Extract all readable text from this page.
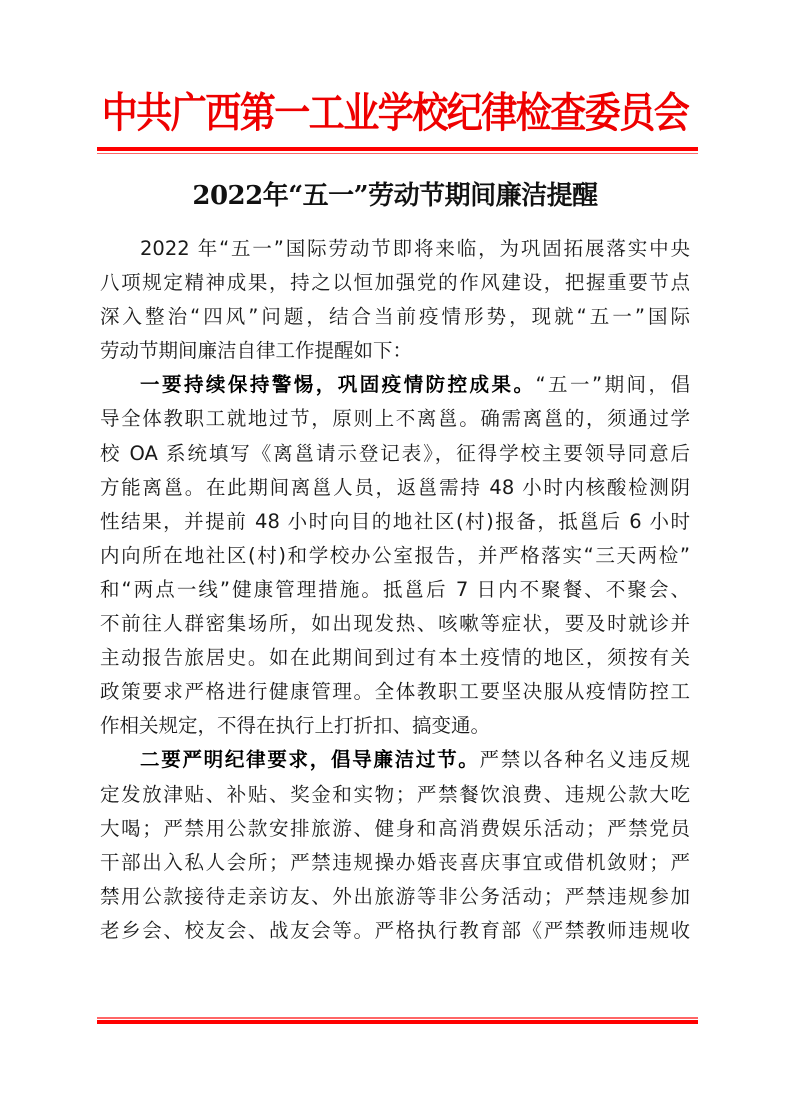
中共广西第一工业学校纪律检查委员会
2022年“五一”劳动节期间廉洁提醒
2022 年“五一”国际劳动节即将来临，为巩固拓展落实中央
八项规定精神成果，持之以恒加强党的作风建设，把握重要节点
深入整治“四风”问题，结合当前疫情形势，现就“五一”国际
劳动节期间廉洁自律工作提醒如下：
一要持续保持警惕，巩固疫情防控成果。“五一”期间，倡
导全体教职工就地过节，原则上不离邕。确需离邕的，须通过学
校 OA 系统填写《离邕请示登记表》，征得学校主要领导同意后
方能离邕。在此期间离邕人员，返邕需持 48 小时内核酸检测阴
性结果，并提前 48 小时向目的地社区(村)报备，抵邕后 6 小时
内向所在地社区(村)和学校办公室报告，并严格落实“三天两检”
和“两点一线”健康管理措施。抵邕后 7 日内不聚餐、不聚会、
不前往人群密集场所，如出现发热、咳嗽等症状，要及时就诊并
主动报告旅居史。如在此期间到过有本土疫情的地区，须按有关
政策要求严格进行健康管理。全体教职工要坚决服从疫情防控工
作相关规定，不得在执行上打折扣、搞变通。
二要严明纪律要求，倡导廉洁过节。严禁以各种名义违反规
定发放津贴、补贴、奖金和实物；严禁餐饮浪费、违规公款大吃
大喝；严禁用公款安排旅游、健身和高消费娱乐活动；严禁党员
干部出入私人会所；严禁违规操办婚丧喜庆事宜或借机敛财；严
禁用公款接待走亲访友、外出旅游等非公务活动；严禁违规参加
老乡会、校友会、战友会等。严格执行教育部《严禁教师违规收
